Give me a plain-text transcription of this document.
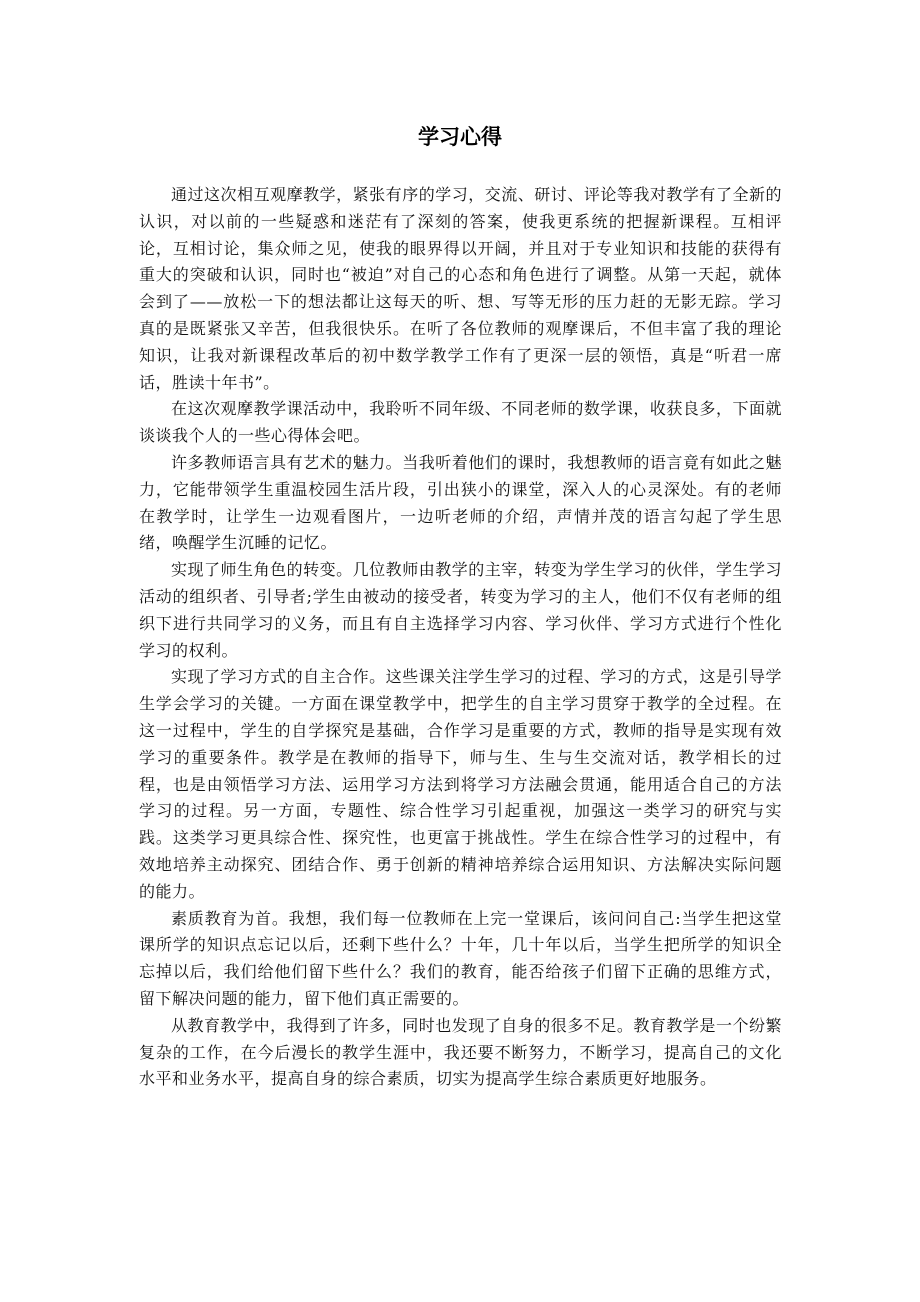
学习心得

通过这次相互观摩教学，紧张有序的学习，交流、研讨、评论等我对教学有了全新的认识，对以前的一些疑惑和迷茫有了深刻的答案，使我更系统的把握新课程。互相评论，互相讨论，集众师之见，使我的眼界得以开阔，并且对于专业知识和技能的获得有重大的突破和认识，同时也“被迫”对自己的心态和角色进行了调整。从第一天起，就体会到了——放松一下的想法都让这每天的听、想、写等无形的压力赶的无影无踪。学习真的是既紧张又辛苦，但我很快乐。在听了各位教师的观摩课后，不但丰富了我的理论知识，让我对新课程改革后的初中数学教学工作有了更深一层的领悟，真是“听君一席话，胜读十年书”。

在这次观摩教学课活动中，我聆听不同年级、不同老师的数学课，收获良多，下面就谈谈我个人的一些心得体会吧。

许多教师语言具有艺术的魅力。当我听着他们的课时，我想教师的语言竟有如此之魅力，它能带领学生重温校园生活片段，引出狭小的课堂，深入人的心灵深处。有的老师在教学时，让学生一边观看图片，一边听老师的介绍，声情并茂的语言勾起了学生思绪，唤醒学生沉睡的记忆。

实现了师生角色的转变。几位教师由教学的主宰，转变为学生学习的伙伴，学生学习活动的组织者、引导者;学生由被动的接受者，转变为学习的主人，他们不仅有老师的组织下进行共同学习的义务，而且有自主选择学习内容、学习伙伴、学习方式进行个性化学习的权利。

实现了学习方式的自主合作。这些课关注学生学习的过程、学习的方式，这是引导学生学会学习的关键。一方面在课堂教学中，把学生的自主学习贯穿于教学的全过程。在这一过程中，学生的自学探究是基础，合作学习是重要的方式，教师的指导是实现有效学习的重要条件。教学是在教师的指导下，师与生、生与生交流对话，教学相长的过程，也是由领悟学习方法、运用学习方法到将学习方法融会贯通，能用适合自己的方法学习的过程。另一方面，专题性、综合性学习引起重视，加强这一类学习的研究与实践。这类学习更具综合性、探究性，也更富于挑战性。学生在综合性学习的过程中，有效地培养主动探究、团结合作、勇于创新的精神培养综合运用知识、方法解决实际问题的能力。

素质教育为首。我想，我们每一位教师在上完一堂课后，该问问自己:当学生把这堂课所学的知识点忘记以后，还剩下些什么？十年，几十年以后，当学生把所学的知识全忘掉以后，我们给他们留下些什么？我们的教育，能否给孩子们留下正确的思维方式，留下解决问题的能力，留下他们真正需要的。

从教育教学中，我得到了许多，同时也发现了自身的很多不足。教育教学是一个纷繁复杂的工作，在今后漫长的教学生涯中，我还要不断努力，不断学习，提高自己的文化水平和业务水平，提高自身的综合素质，切实为提高学生综合素质更好地服务。
